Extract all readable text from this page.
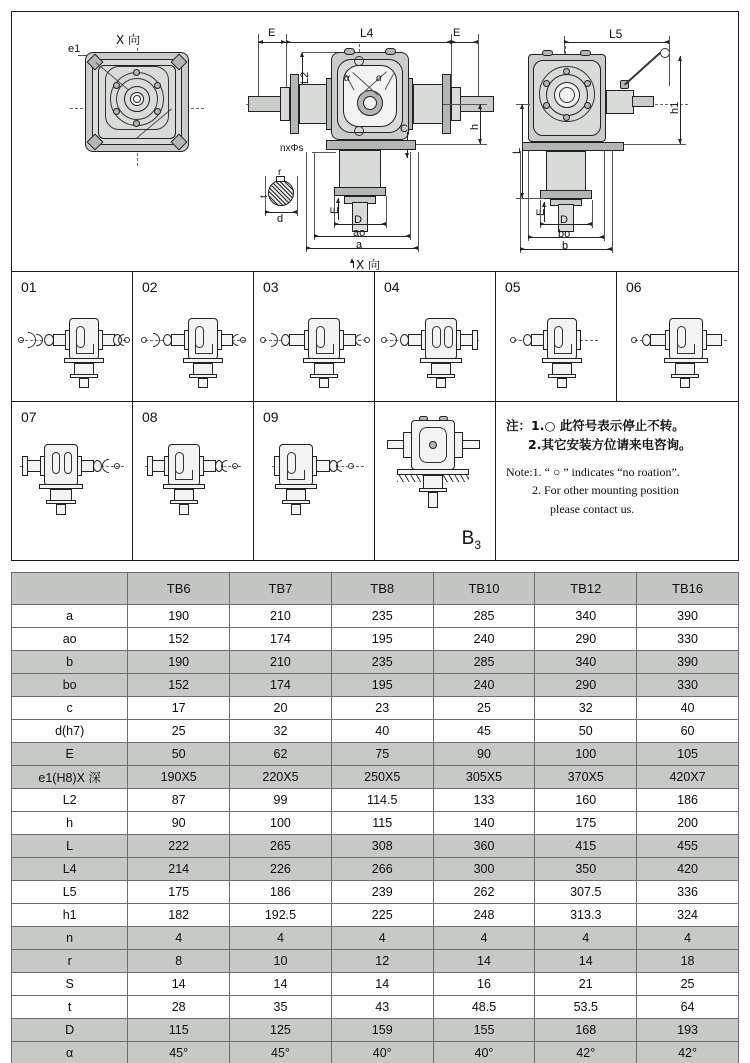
e1
X 向	E	L4	E
L2	α	α
h
C
nxΦs
E
D
ao
a
X 向
d
r
t
L5
h1
L
E
D
bo
b
01	02	03	04	05	06
07	08	09
$B_3$
注：1.○ 此符号表示停止不转。
2.其它安装方位请来电咨询。
Note:1. “ ○ ” indicates “no roation”.
2. For other mounting position
please contact us.
	TB6	TB7	TB8	TB10	TB12	TB16
a	190	210	235	285	340	390
ao	152	174	195	240	290	330
b	190	210	235	285	340	390
bo	152	174	195	240	290	330
c	17	20	23	25	32	40
d(h7)	25	32	40	45	50	60
E	50	62	75	90	100	105
e1(H8)X 深	190X5	220X5	250X5	305X5	370X5	420X7
L2	87	99	114.5	133	160	186
h	90	100	115	140	175	200
L	222	265	308	360	415	455
L4	214	226	266	300	350	420
L5	175	186	239	262	307.5	336
h1	182	192.5	225	248	313.3	324
n	4	4	4	4	4	4
r	8	10	12	14	14	18
S	14	14	14	16	21	25
t	28	35	43	48.5	53.5	64
D	115	125	159	155	168	193
α	45°	45°	40°	40°	42°	42°
